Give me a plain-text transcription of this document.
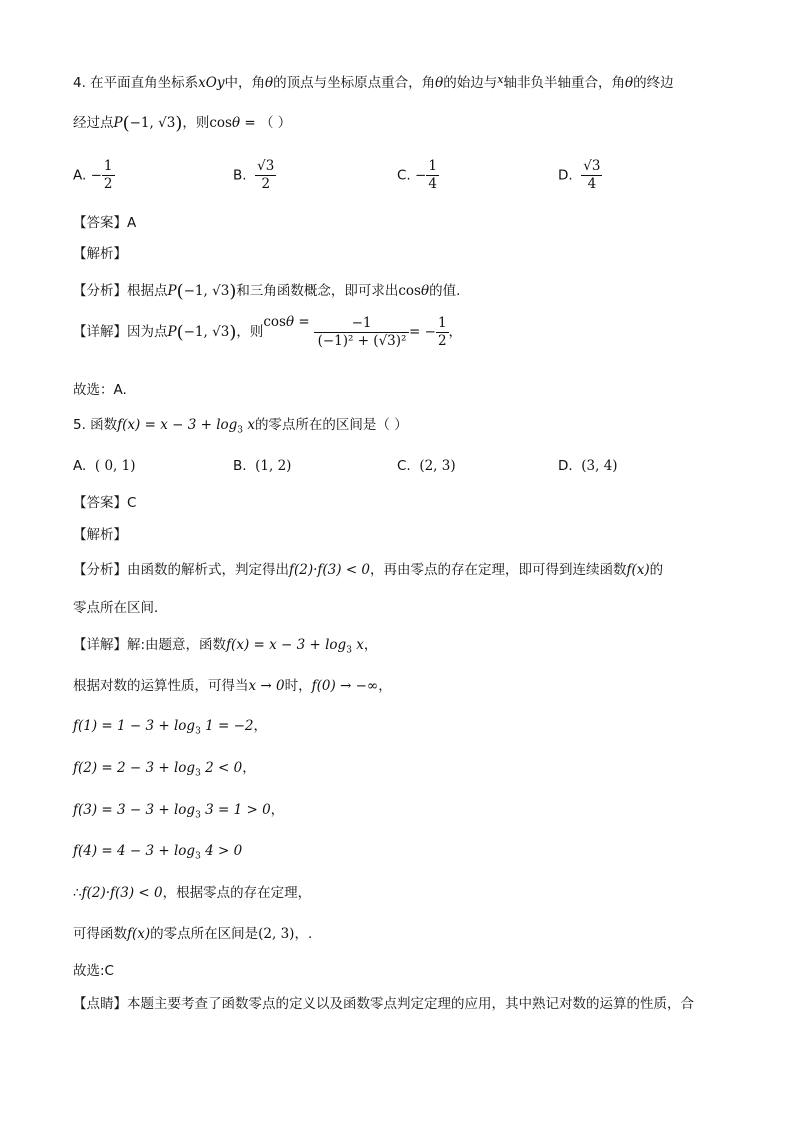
4. 在平面直角坐标系xOy中，角θ的顶点与坐标原点重合，角θ的始边与$^x$轴非负半轴重合，角θ的终边
经过点P(−1, √3)，则cosθ = （ ）
A. − $\frac{1}{2}$	B. $\frac{√3}{2}$	C. − $\frac{1}{4}$	D. $\frac{√3}{4}$
【答案】A
【解析】
【分析】根据点P(−1, √3)和三角函数概念，即可求出cosθ的值.
【详解】因为点P(−1, √3)，则$\cos\theta = \frac{-1}{\text{(−1)² + (√3)²}}$ = − $\frac{1}{2}$ ，
故选：A.
5. 函数$f(x) = x - 3 + \log_3 x$的零点所在的区间是（ ）
A. ( 0, 1)	B. (1, 2)	C. (2, 3)	D. (3, 4)
【答案】C
【解析】
【分析】由函数的解析式，判定得出f(2)·f(3) < 0，再由零点的存在定理，即可得到连续函数f(x)的
零点所在区间．
【详解】解:由题意，函数$f(x) = x - 3 + \log_3 x$，
根据对数的运算性质，可得当x → 0时，f(0) → −∞，
$f(1) = 1 - 3 + \log_3 1 = -2$，
$f(2) = 2 - 3 + \log_3 2 < 0$，
$f(3) = 3 - 3 + \log_3 3 = 1 > 0$，
$f(4) = 4 - 3 + \log_3 4 > 0$
∴f(2)·f(3) < 0，根据零点的存在定理，
可得函数f(x)的零点所在区间是(2, 3)，.
故选:C
【点睛】本题主要考查了函数零点的定义以及函数零点判定定理的应用，其中熟记对数的运算的性质，合
